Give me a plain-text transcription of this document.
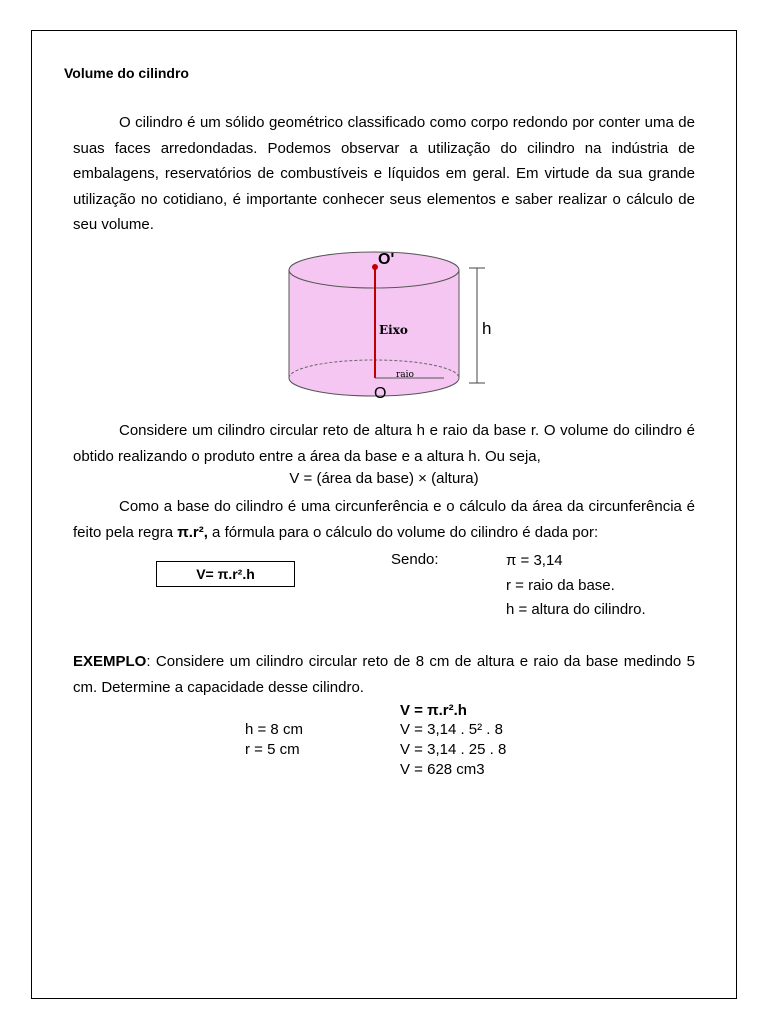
Volume do cilindro
O cilindro é um sólido geométrico classificado como corpo redondo por conter uma de suas faces arredondadas. Podemos observar a utilização do cilindro na indústria de embalagens, reservatórios de combustíveis e líquidos em geral. Em virtude da sua grande utilização no cotidiano, é importante conhecer seus elementos e saber realizar o cálculo de seu volume.
O'
O
Eixo
raio
h
Considere um cilindro circular reto de altura h e raio da base r. O volume do cilindro é obtido realizando o produto entre a área da base e a altura h. Ou seja,
V = (área da base) × (altura)
Como a base do cilindro é uma circunferência e o cálculo da área da circunferência é feito pela regra π.r², a fórmula para o cálculo do volume do cilindro é dada por:
V= π.r².h
Sendo:	π = 3,14
r = raio da base.
h = altura do cilindro.
EXEMPLO: Considere um cilindro circular reto de 8 cm de altura e raio da base medindo 5 cm. Determine a capacidade desse cilindro.
V = π.r².h
h = 8 cm
r = 5 cm
V = 3,14 . 5² . 8
V = 3,14 . 25 . 8
V = 628 cm3
